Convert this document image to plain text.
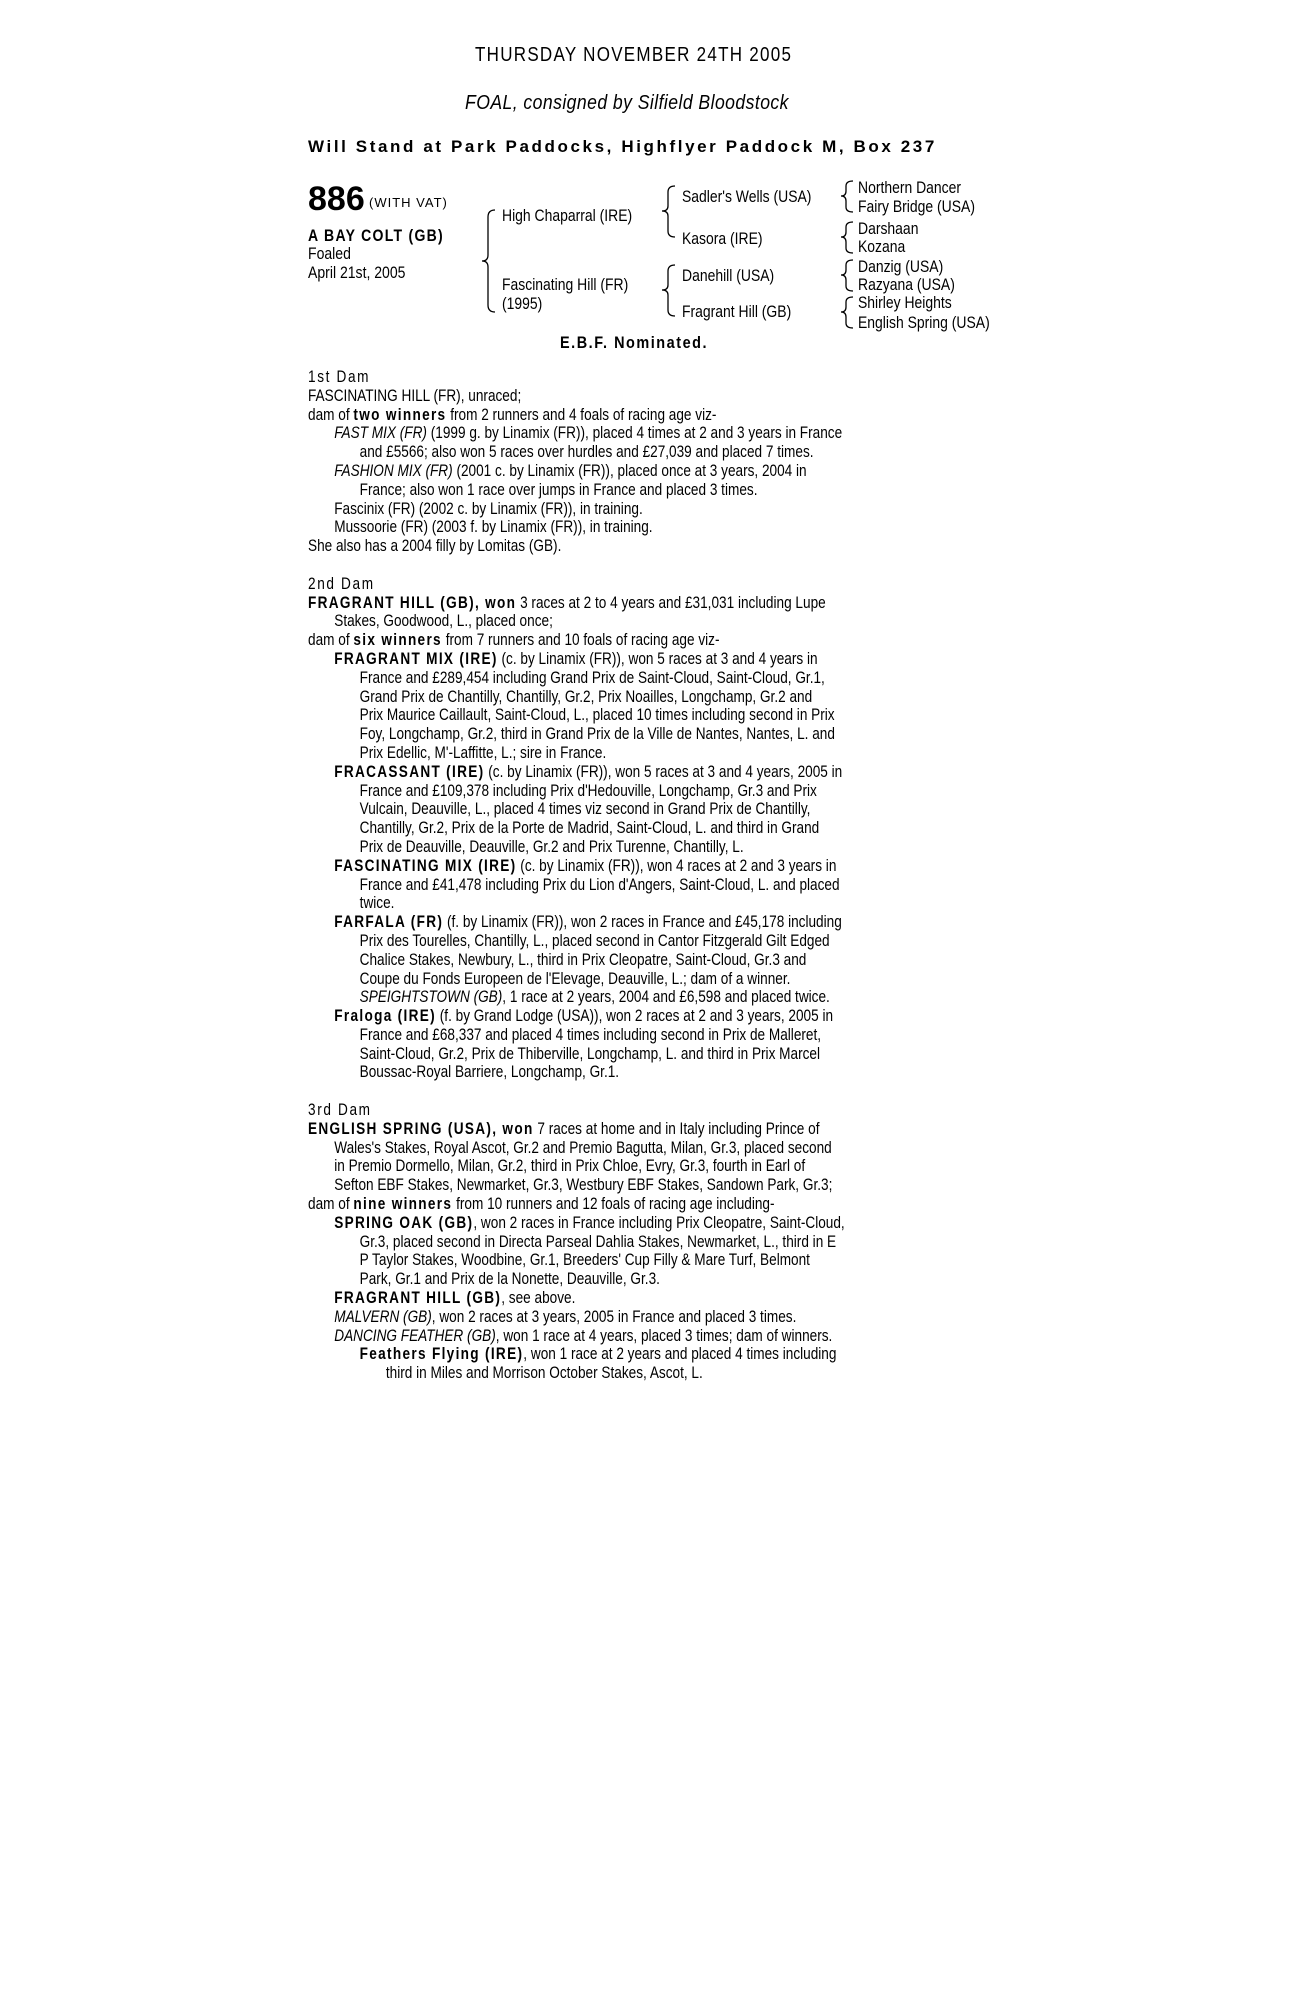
THURSDAY NOVEMBER 24TH 2005
FOAL, consigned by Silfield Bloodstock
Will Stand at Park Paddocks, Highflyer Paddock M, Box 237
886 (WITH VAT)
A BAY COLT (GB)
Foaled
April 21st, 2005
High Chaparral (IRE)
Fascinating Hill (FR)
(1995)
Sadler's Wells (USA)
Kasora (IRE)
Danehill (USA)
Fragrant Hill (GB)
Northern Dancer
Fairy Bridge (USA)
Darshaan
Kozana
Danzig (USA)
Razyana (USA)
Shirley Heights
English Spring (USA)
E.B.F. Nominated.
1st Dam
FASCINATING HILL (FR), unraced;
dam of two winners from 2 runners and 4 foals of racing age viz-
FAST MIX (FR) (1999 g. by Linamix (FR)), placed 4 times at 2 and 3 years in France
and £5566; also won 5 races over hurdles and £27,039 and placed 7 times.
FASHION MIX (FR) (2001 c. by Linamix (FR)), placed once at 3 years, 2004 in
France; also won 1 race over jumps in France and placed 3 times.
Fascinix (FR) (2002 c. by Linamix (FR)), in training.
Mussoorie (FR) (2003 f. by Linamix (FR)), in training.
She also has a 2004 filly by Lomitas (GB).
2nd Dam
FRAGRANT HILL (GB), won 3 races at 2 to 4 years and £31,031 including Lupe
Stakes, Goodwood, L., placed once;
dam of six winners from 7 runners and 10 foals of racing age viz-
FRAGRANT MIX (IRE) (c. by Linamix (FR)), won 5 races at 3 and 4 years in
France and £289,454 including Grand Prix de Saint-Cloud, Saint-Cloud, Gr.1,
Grand Prix de Chantilly, Chantilly, Gr.2, Prix Noailles, Longchamp, Gr.2 and
Prix Maurice Caillault, Saint-Cloud, L., placed 10 times including second in Prix
Foy, Longchamp, Gr.2, third in Grand Prix de la Ville de Nantes, Nantes, L. and
Prix Edellic, M'-Laffitte, L.; sire in France.
FRACASSANT (IRE) (c. by Linamix (FR)), won 5 races at 3 and 4 years, 2005 in
France and £109,378 including Prix d'Hedouville, Longchamp, Gr.3 and Prix
Vulcain, Deauville, L., placed 4 times viz second in Grand Prix de Chantilly,
Chantilly, Gr.2, Prix de la Porte de Madrid, Saint-Cloud, L. and third in Grand
Prix de Deauville, Deauville, Gr.2 and Prix Turenne, Chantilly, L.
FASCINATING MIX (IRE) (c. by Linamix (FR)), won 4 races at 2 and 3 years in
France and £41,478 including Prix du Lion d'Angers, Saint-Cloud, L. and placed
twice.
FARFALA (FR) (f. by Linamix (FR)), won 2 races in France and £45,178 including
Prix des Tourelles, Chantilly, L., placed second in Cantor Fitzgerald Gilt Edged
Chalice Stakes, Newbury, L., third in Prix Cleopatre, Saint-Cloud, Gr.3 and
Coupe du Fonds Europeen de l'Elevage, Deauville, L.; dam of a winner.
SPEIGHTSTOWN (GB), 1 race at 2 years, 2004 and £6,598 and placed twice.
Fraloga (IRE) (f. by Grand Lodge (USA)), won 2 races at 2 and 3 years, 2005 in
France and £68,337 and placed 4 times including second in Prix de Malleret,
Saint-Cloud, Gr.2, Prix de Thiberville, Longchamp, L. and third in Prix Marcel
Boussac-Royal Barriere, Longchamp, Gr.1.
3rd Dam
ENGLISH SPRING (USA), won 7 races at home and in Italy including Prince of
Wales's Stakes, Royal Ascot, Gr.2 and Premio Bagutta, Milan, Gr.3, placed second
in Premio Dormello, Milan, Gr.2, third in Prix Chloe, Evry, Gr.3, fourth in Earl of
Sefton EBF Stakes, Newmarket, Gr.3, Westbury EBF Stakes, Sandown Park, Gr.3;
dam of nine winners from 10 runners and 12 foals of racing age including-
SPRING OAK (GB), won 2 races in France including Prix Cleopatre, Saint-Cloud,
Gr.3, placed second in Directa Parseal Dahlia Stakes, Newmarket, L., third in E
P Taylor Stakes, Woodbine, Gr.1, Breeders' Cup Filly & Mare Turf, Belmont
Park, Gr.1 and Prix de la Nonette, Deauville, Gr.3.
FRAGRANT HILL (GB), see above.
MALVERN (GB), won 2 races at 3 years, 2005 in France and placed 3 times.
DANCING FEATHER (GB), won 1 race at 4 years, placed 3 times; dam of winners.
Feathers Flying (IRE), won 1 race at 2 years and placed 4 times including
third in Miles and Morrison October Stakes, Ascot, L.
